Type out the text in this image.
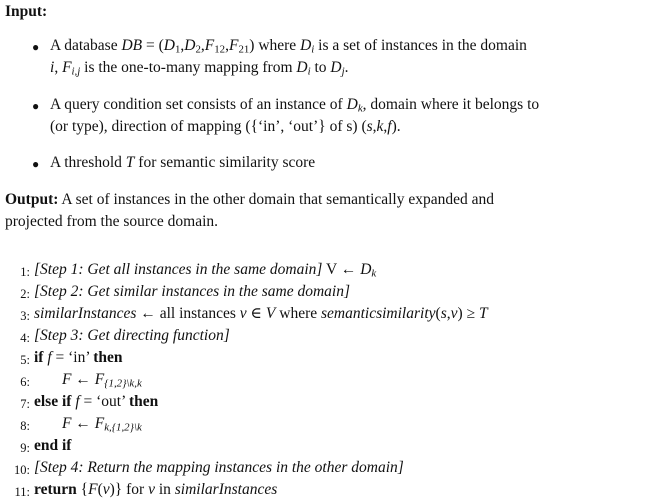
Input:
● A database DB = $(D_1,D_2,F_{12},F_{21})$ where $D_i$ is a set of instances in the domain
i, $F_{i,j}$ is the one-to-many mapping from $D_i$ to $D_j$.
● A query condition set consists of an instance of $D_k$, domain where it belongs to
(or type), direction of mapping ({‘in’, ‘out’} of s) (s,k,f).
● A threshold T for semantic similarity score
Output: A set of instances in the other domain that semantically expanded and
projected from the source domain.
1: [Step 1: Get all instances in the same domain] V ← $D_k$
2: [Step 2: Get similar instances in the same domain]
3: similarInstances ← all instances v ∈ V where semanticsimilarity(s,v) ≥ T
4: [Step 3: Get directing function]
5: if f = ‘in’ then
6: F ← $F_{\{1,2\}\backslash k,k}$
7: else if f = ‘out’ then
8: F ← $F_{k,\{1,2\}\backslash k}$
9: end if
10: [Step 4: Return the mapping instances in the other domain]
11: return {F(v)} for v in similarInstances
